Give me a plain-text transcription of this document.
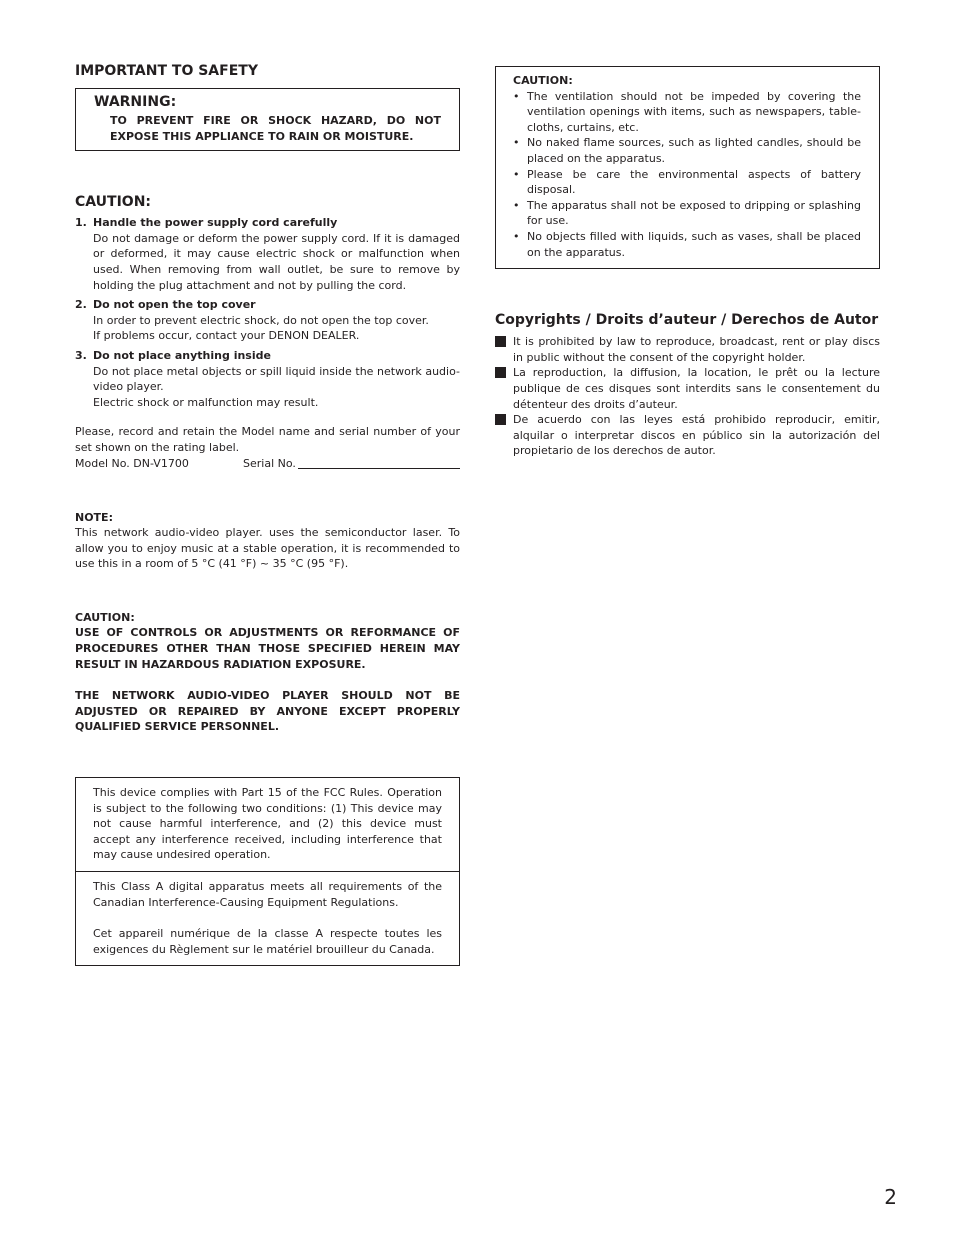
IMPORTANT TO SAFETY
WARNING:
TO PREVENT FIRE OR SHOCK HAZARD, DO NOT EXPOSE THIS APPLIANCE TO RAIN OR MOISTURE.
CAUTION:
1. Handle the power supply cord carefully
Do not damage or deform the power supply cord. If it is damaged or deformed, it may cause electric shock or malfunction when used. When removing from wall outlet, be sure to remove by holding the plug attachment and not by pulling the cord.
2. Do not open the top cover
In order to prevent electric shock, do not open the top cover.
If problems occur, contact your DENON DEALER.
3. Do not place anything inside
Do not place metal objects or spill liquid inside the network audio-video player.
Electric shock or malfunction may result.
Please, record and retain the Model name and serial number of your set shown on the rating label.
Model No. DN-V1700	Serial No.
NOTE:
This network audio-video player. uses the semiconductor laser. To allow you to enjoy music at a stable operation, it is recommended to use this in a room of 5 °C (41 °F) ~ 35 °C (95 °F).

CAUTION:

USE OF CONTROLS OR ADJUSTMENTS OR REFORMANCE OF PROCEDURES OTHER THAN THOSE SPECIFIED HEREIN MAY RESULT IN HAZARDOUS RADIATION EXPOSURE.

THE NETWORK AUDIO-VIDEO PLAYER SHOULD NOT BE ADJUSTED OR REPAIRED BY ANYONE EXCEPT PROPERLY QUALIFIED SERVICE PERSONNEL.

This device complies with Part 15 of the FCC Rules. Operation is subject to the following two conditions: (1) This device may not cause harmful interference, and (2) this device must accept any interference received, including interference that may cause undesired operation.

This Class A digital apparatus meets all requirements of the Canadian Interference-Causing Equipment Regulations.

Cet appareil numérique de la classe A respecte toutes les exigences du Règlement sur le matériel brouilleur du Canada.

CAUTION:
• The ventilation should not be impeded by covering the ventilation openings with items, such as newspapers, table-cloths, curtains, etc.
• No naked flame sources, such as lighted candles, should be placed on the apparatus.
• Please be care the environmental aspects of battery disposal.
• The apparatus shall not be exposed to dripping or splashing for use.
• No objects filled with liquids, such as vases, shall be placed on the apparatus.
Copyrights / Droits d’auteur / Derechos de Autor
It is prohibited by law to reproduce, broadcast, rent or play discs in public without the consent of the copyright holder.
La reproduction, la diffusion, la location, le prêt ou la lecture publique de ces disques sont interdits sans le consentement du détenteur des droits d’auteur.
De acuerdo con las leyes está prohibido reproducir, emitir, alquilar o interpretar discos en público sin la autorización del propietario de los derechos de autor.
2
